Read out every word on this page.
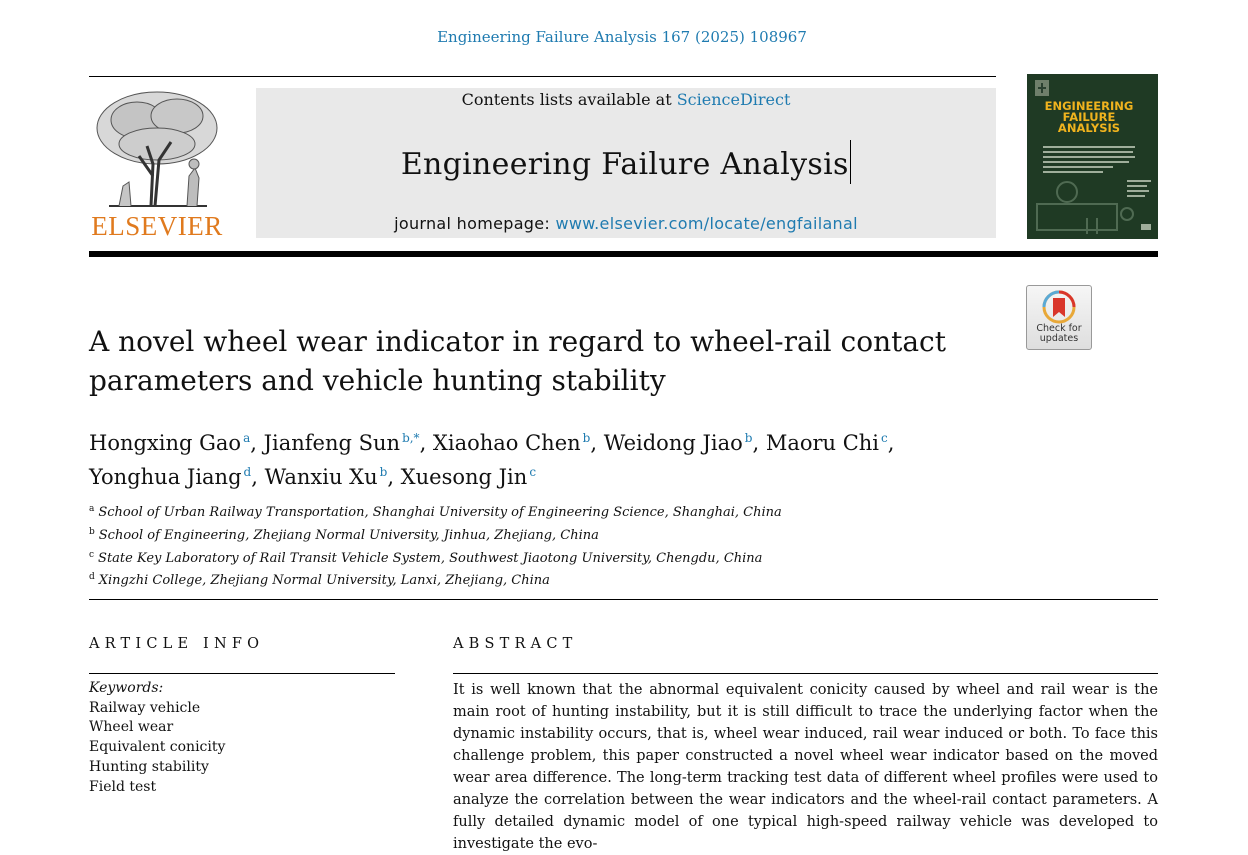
Engineering Failure Analysis 167 (2025) 108967
ELSEVIER
Contents lists available at ScienceDirect
Engineering Failure Analysis
journal homepage: www.elsevier.com/locate/engfailanal
ENGINEERING
FAILURE
ANALYSIS
Check for
updates
A novel wheel wear indicator in regard to wheel-rail contact
parameters and vehicle hunting stability
Hongxing Gao $^a$, Jianfeng Sun $^{b,*}$, Xiaohao Chen $^b$, Weidong Jiao $^b$, Maoru Chi $^c$,
Yonghua Jiang $^d$, Wanxiu Xu $^b$, Xuesong Jin $^c$
$^a$ School of Urban Railway Transportation, Shanghai University of Engineering Science, Shanghai, China
$^b$ School of Engineering, Zhejiang Normal University, Jinhua, Zhejiang, China
$^c$ State Key Laboratory of Rail Transit Vehicle System, Southwest Jiaotong University, Chengdu, China
$^d$ Xingzhi College, Zhejiang Normal University, Lanxi, Zhejiang, China
ARTICLE INFO
Keywords:
Railway vehicle
Wheel wear
Equivalent conicity
Hunting stability
Field test
ABSTRACT
It is well known that the abnormal equivalent conicity caused by wheel and rail wear is the main root of hunting instability, but it is still difficult to trace the underlying factor when the dynamic instability occurs, that is, wheel wear induced, rail wear induced or both. To face this challenge problem, this paper constructed a novel wheel wear indicator based on the moved wear area difference. The long-term tracking test data of different wheel profiles were used to analyze the correlation between the wear indicators and the wheel-rail contact parameters. A fully detailed dynamic model of one typical high-speed railway vehicle was developed to investigate the evo-
